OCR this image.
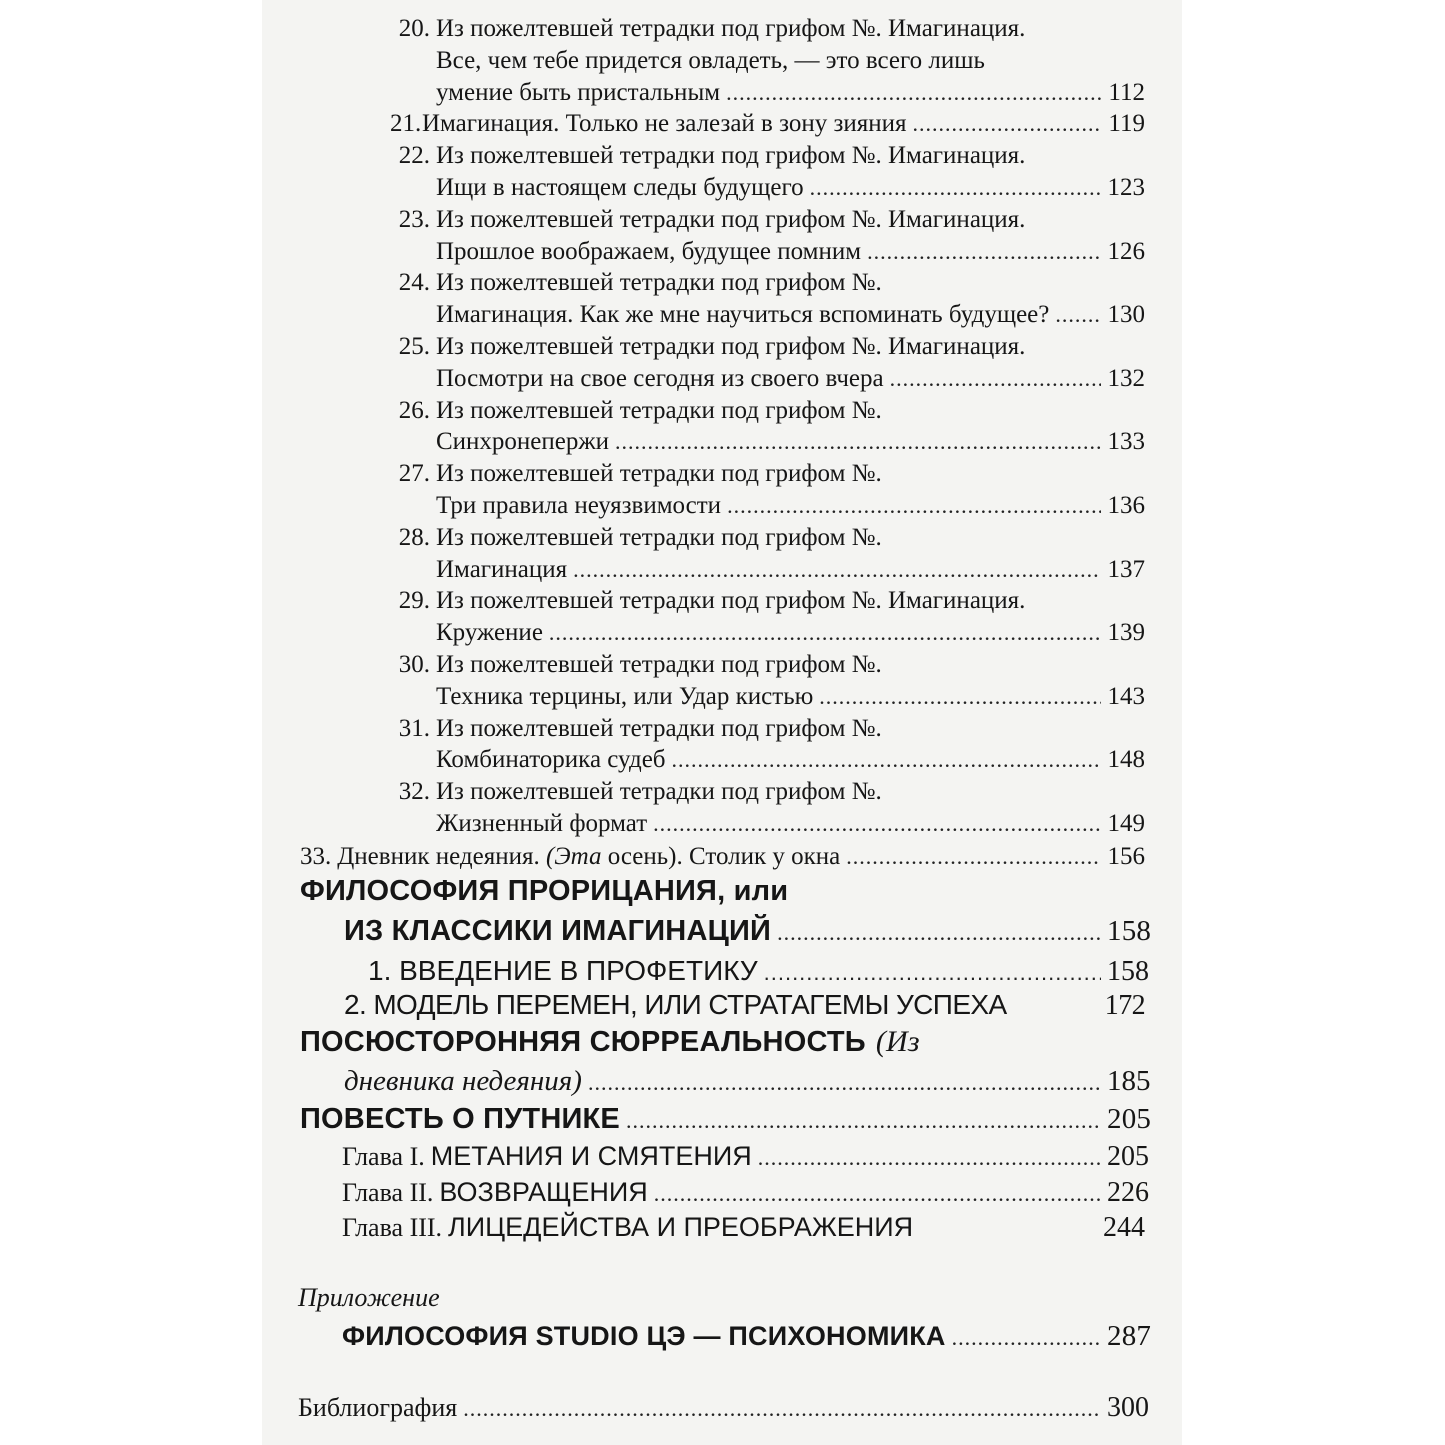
33. Дневник недеяния. (Эта осень). Столик у окна .....	156
ФИЛОСОФИЯ ПРОРИЦАНИЯ, или
ИЗ КЛАССИКИ ИМАГИНАЦИЙ .....	158
1. ВВЕДЕНИЕ В ПРОФЕТИКУ .....	158
2. МОДЕЛЬ ПЕРЕМЕН, ИЛИ СТРАТАГЕМЫ УСПЕХА	172
ПОСЮСТОРОННЯЯ СЮРРЕАЛЬНОСТЬ (Из
дневника недеяния) .....	185
ПОВЕСТЬ О ПУТНИКЕ .....	205
Глава I. МЕТАНИЯ И СМЯТЕНИЯ .....	205
Глава II. ВОЗВРАЩЕНИЯ .....	226
Глава III. ЛИЦЕДЕЙСТВА И ПРЕОБРАЖЕНИЯ	244
Приложение
ФИЛОСОФИЯ STUDIO ЦЭ — ПСИХОНОМИКА .....	287
Библиография .....	300
20. Из пожелтевшей тетрадки под грифом №. Имагинация.
Все, чем тебе придется овладеть, — это всего лишь
умение быть пристальным .....	112
21. Имагинация. Только не залезай в зону зияния .....	119
22. Из пожелтевшей тетрадки под грифом №. Имагинация.
Ищи в настоящем следы будущего .....	123
23. Из пожелтевшей тетрадки под грифом №. Имагинация.
Прошлое воображаем, будущее помним .....	126
24. Из пожелтевшей тетрадки под грифом №.
Имагинация. Как же мне научиться вспоминать будущее? ..... 130
25. Из пожелтевшей тетрадки под грифом №. Имагинация.
Посмотри на свое сегодня из своего вчера .....	132
26. Из пожелтевшей тетрадки под грифом №.
Синхронепержи .....	133
27. Из пожелтевшей тетрадки под грифом №.
Три правила неуязвимости .....	136
28. Из пожелтевшей тетрадки под грифом №.
Имагинация .....	137
29. Из пожелтевшей тетрадки под грифом №. Имагинация.
Кружение .....	139
30. Из пожелтевшей тетрадки под грифом №.
Техника терцины, или Удар кистью .....	143
31. Из пожелтевшей тетрадки под грифом №.
Комбинаторика судеб .....	148
32. Из пожелтевшей тетрадки под грифом №.
Жизненный формат .....	149
